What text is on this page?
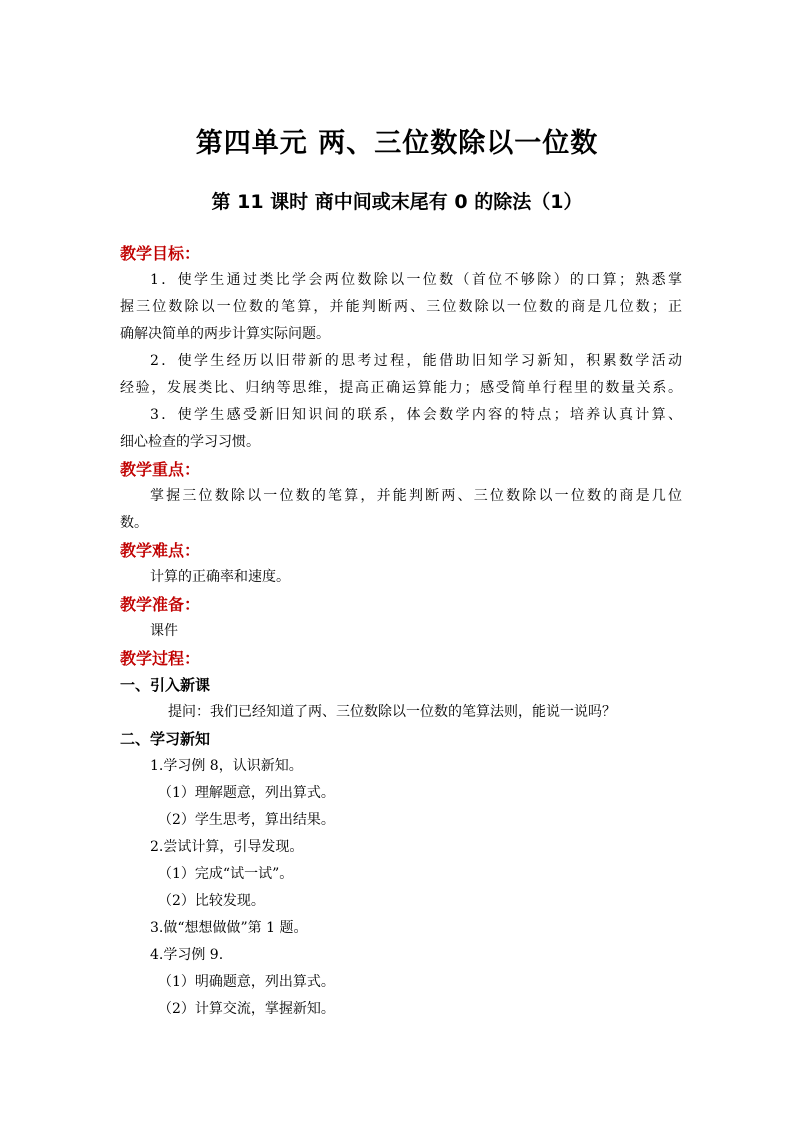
第四单元 两、三位数除以一位数
第 11 课时 商中间或末尾有 0 的除法（1）
教学目标：
1．使学生通过类比学会两位数除以一位数（首位不够除）的口算；熟悉掌
握三位数除以一位数的笔算，并能判断两、三位数除以一位数的商是几位数；正
确解决简单的两步计算实际问题。
2．使学生经历以旧带新的思考过程，能借助旧知学习新知，积累数学活动
经验，发展类比、归纳等思维，提高正确运算能力；感受简单行程里的数量关系。
3．使学生感受新旧知识间的联系，体会数学内容的特点；培养认真计算、
细心检查的学习习惯。
教学重点：
掌握三位数除以一位数的笔算，并能判断两、三位数除以一位数的商是几位
数。
教学难点：
计算的正确率和速度。
教学准备：
课件
教学过程：
一、引入新课
提问：我们已经知道了两、三位数除以一位数的笔算法则，能说一说吗？
二、学习新知
1.学习例 8，认识新知。
（1）理解题意，列出算式。
（2）学生思考，算出结果。
2.尝试计算，引导发现。
（1）完成“试一试”。
（2）比较发现。
3.做“想想做做”第 1 题。
4.学习例 9.
（1）明确题意，列出算式。
（2）计算交流，掌握新知。
